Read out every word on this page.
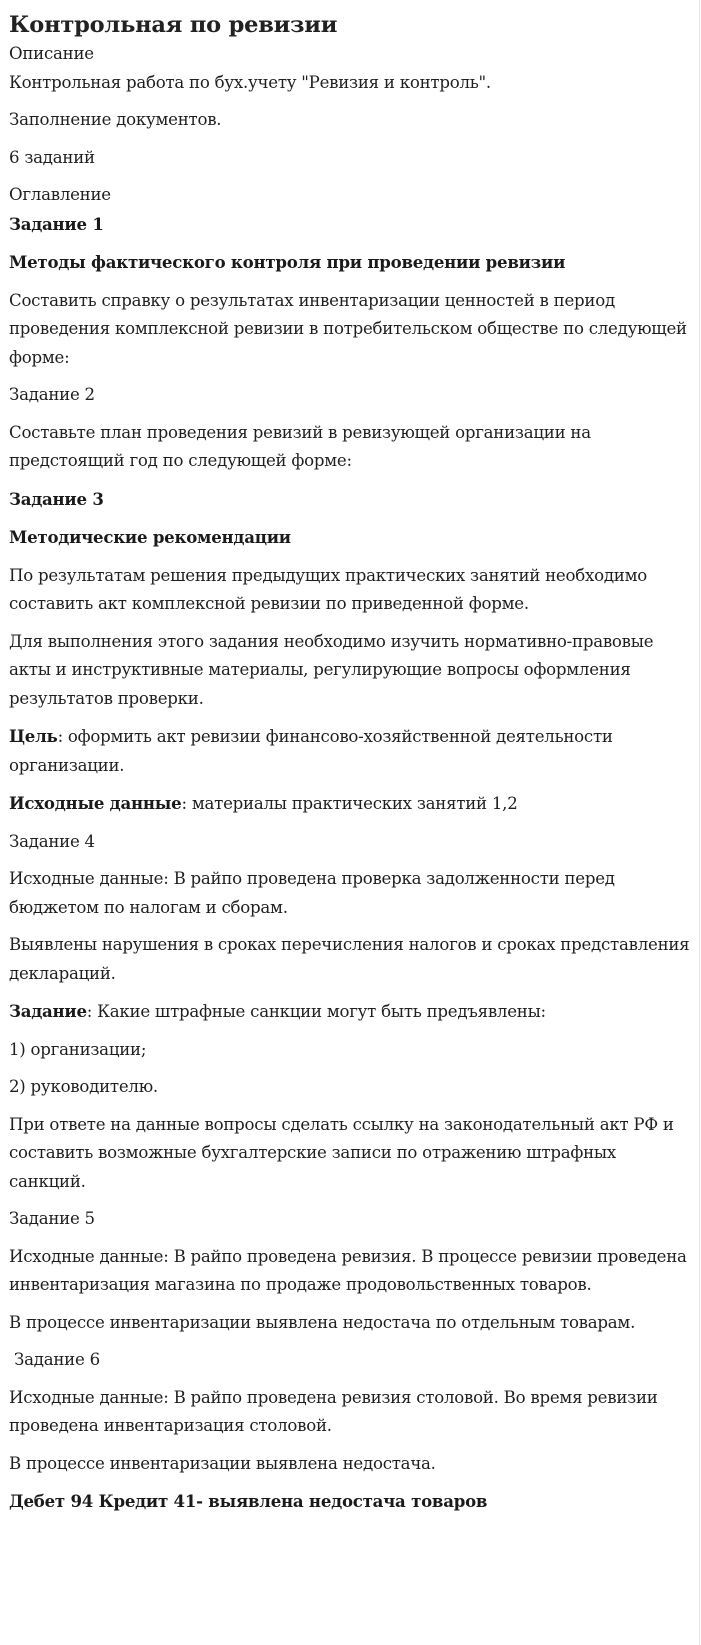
Контрольная по ревизии

Описание

Контрольная работа по бух.учету "Ревизия и контроль".

Заполнение документов.

6 заданий

Оглавление

Задание 1

Методы фактического контроля при проведении ревизии

Составить справку о результатах инвентаризации ценностей в период проведения комплексной ревизии в потребительском обществе по следующей форме:

Задание 2

Составьте план проведения ревизий в ревизующей организации на предстоящий год по следующей форме:

Задание 3

Методические рекомендации

По результатам решения предыдущих практических занятий необходимо составить акт комплексной ревизии по приведенной форме.

Для выполнения этого задания необходимо изучить нормативно-правовые акты и инструктивные материалы, регулирующие вопросы оформления результатов проверки.

Цель: оформить акт ревизии финансово-хозяйственной деятельности организации.

Исходные данные: материалы практических занятий 1,2

Задание 4

Исходные данные: В райпо проведена проверка задолженности перед бюджетом по налогам и сборам.

Выявлены нарушения в сроках перечисления налогов и сроках представления деклараций.

Задание: Какие штрафные санкции могут быть предъявлены:

1) организации;

2) руководителю.

При ответе на данные вопросы сделать ссылку на законодательный акт РФ и составить возможные бухгалтерские записи по отражению штрафных санкций.

Задание 5

Исходные данные: В райпо проведена ревизия. В процессе ревизии проведена инвентаризация магазина по продаже продовольственных товаров.

В процессе инвентаризации выявлена недостача по отдельным товарам.

Задание 6

Исходные данные: В райпо проведена ревизия столовой. Во время ревизии проведена инвентаризация столовой.

В процессе инвентаризации выявлена недостача.

Дебет 94 Кредит 41- выявлена недостача товаров
